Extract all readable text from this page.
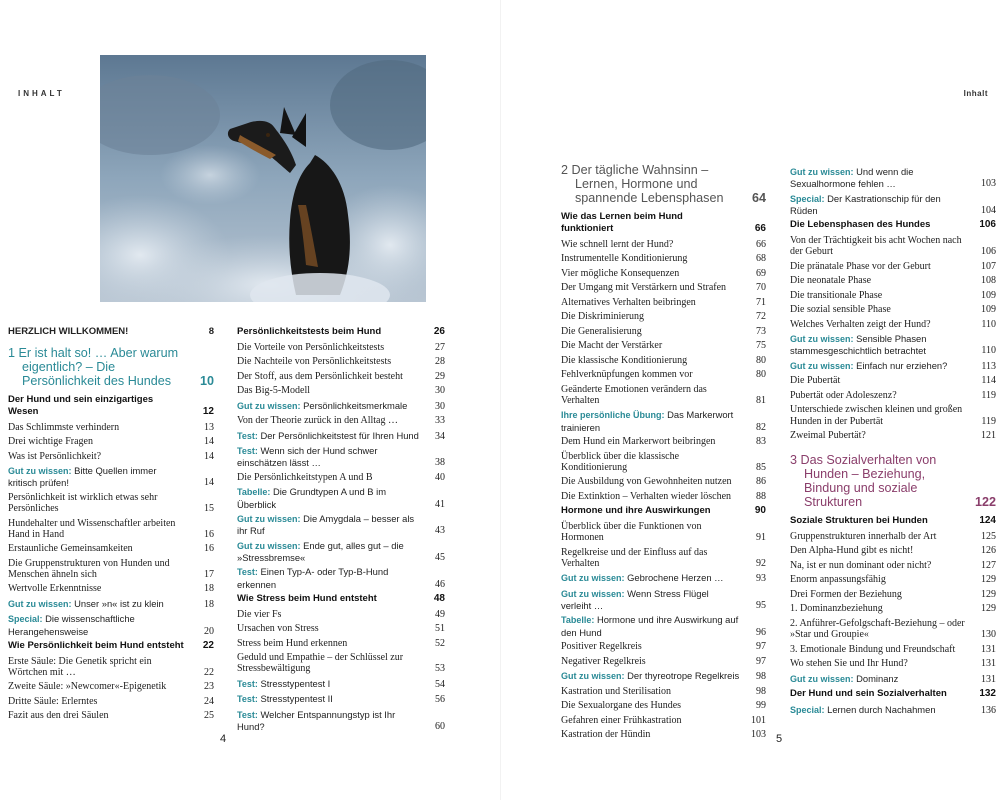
INHALT	Inhalt
HERZLICH WILLKOMMEN!	8
1 Er ist halt so! … Aber warum eigentlich? – Die Persönlichkeit des Hundes	10
Der Hund und sein einzigartiges Wesen	12
Das Schlimmste verhindern	13
Drei wichtige Fragen	14
Was ist Persönlichkeit?	14
Gut zu wissen: Bitte Quellen immer kritisch prüfen!	14
Persönlichkeit ist wirklich etwas sehr Persönliches	15
Hundehalter und Wissenschaftler arbeiten Hand in Hand	16
Erstaunliche Gemeinsamkeiten	16
Die Gruppenstrukturen von Hunden und Menschen ähneln sich	17
Wertvolle Erkenntnisse	18
Gut zu wissen: Unser »n« ist zu klein	18
Special: Die wissenschaftliche Herangehensweise	20
Wie Persönlichkeit beim Hund entsteht	22
Erste Säule: Die Genetik spricht ein Wörtchen mit …	22
Zweite Säule: »Newcomer«-Epigenetik	23
Dritte Säule: Erlerntes	24
Fazit aus den drei Säulen	25
Persönlichkeitstests beim Hund	26
Die Vorteile von Persönlichkeitstests	27
Die Nachteile von Persönlichkeitstests	28
Der Stoff, aus dem Persönlichkeit besteht	29
Das Big-5-Modell	30
Gut zu wissen: Persönlichkeitsmerkmale	30
Von der Theorie zurück in den Alltag …	33
Test: Der Persönlichkeitstest für Ihren Hund	34
Test: Wenn sich der Hund schwer einschätzen lässt …	38
Die Persönlichkeitstypen A und B	40
Tabelle: Die Grundtypen A und B im Überblick	41
Gut zu wissen: Die Amygdala – besser als ihr Ruf	43
Gut zu wissen: Ende gut, alles gut – die »Stressbremse«	45
Test: Einen Typ-A- oder Typ-B-Hund erkennen	46
Wie Stress beim Hund entsteht	48
Die vier Fs	49
Ursachen von Stress	51
Stress beim Hund erkennen	52
Geduld und Empathie – der Schlüssel zur Stressbewältigung	53
Test: Stresstypentest I	54
Test: Stresstypentest II	56
Test: Welcher Entspannungstyp ist Ihr Hund?	60
2 Der tägliche Wahnsinn – Lernen, Hormone und spannende Lebensphasen	64
Wie das Lernen beim Hund funktioniert	66
Wie schnell lernt der Hund?	66
Instrumentelle Konditionierung	68
Vier mögliche Konsequenzen	69
Der Umgang mit Verstärkern und Strafen	70
Alternatives Verhalten beibringen	71
Die Diskriminierung	72
Die Generalisierung	73
Die Macht der Verstärker	75
Die klassische Konditionierung	80
Fehlverknüpfungen kommen vor	80
Geänderte Emotionen verändern das Verhalten	81
Ihre persönliche Übung: Das Markerwort trainieren	82
Dem Hund ein Markerwort beibringen	83
Überblick über die klassische Konditionierung	85
Die Ausbildung von Gewohnheiten nutzen	86
Die Extinktion – Verhalten wieder löschen	88
Hormone und ihre Auswirkungen	90
Überblick über die Funktionen von Hormonen	91
Regelkreise und der Einfluss auf das Verhalten	92
Gut zu wissen: Gebrochene Herzen …	93
Gut zu wissen: Wenn Stress Flügel verleiht …	95
Tabelle: Hormone und ihre Auswirkung auf den Hund	96
Positiver Regelkreis	97
Negativer Regelkreis	97
Gut zu wissen: Der thyreotrope Regelkreis	98
Kastration und Sterilisation	98
Die Sexualorgane des Hundes	99
Gefahren einer Frühkastration	101
Kastration der Hündin	103
Gut zu wissen: Und wenn die Sexualhormone fehlen …	103
Special: Der Kastrationschip für den Rüden	104
Die Lebensphasen des Hundes	106
Von der Trächtigkeit bis acht Wochen nach der Geburt	106
Die pränatale Phase vor der Geburt	107
Die neonatale Phase	108
Die transitionale Phase	109
Die sozial sensible Phase	109
Welches Verhalten zeigt der Hund?	110
Gut zu wissen: Sensible Phasen stammesgeschichtlich betrachtet	110
Gut zu wissen: Einfach nur erziehen?	113
Die Pubertät	114
Pubertät oder Adoleszenz?	119
Unterschiede zwischen kleinen und großen Hunden in der Pubertät	119
Zweimal Pubertät?	121
3 Das Sozialverhalten von Hunden – Beziehung, Bindung und soziale Strukturen	122
Soziale Strukturen bei Hunden	124
Gruppenstrukturen innerhalb der Art	125
Den Alpha-Hund gibt es nicht!	126
Na, ist er nun dominant oder nicht?	127
Enorm anpassungsfähig	129
Drei Formen der Beziehung	129
1. Dominanzbeziehung	129
2. Anführer-Gefolgschaft-Beziehung – oder »Star und Groupie«	130
3. Emotionale Bindung und Freundschaft	131
Wo stehen Sie und Ihr Hund?	131
Gut zu wissen: Dominanz	131
Der Hund und sein Sozialverhalten	132
Special: Lernen durch Nachahmen	136
4	5
